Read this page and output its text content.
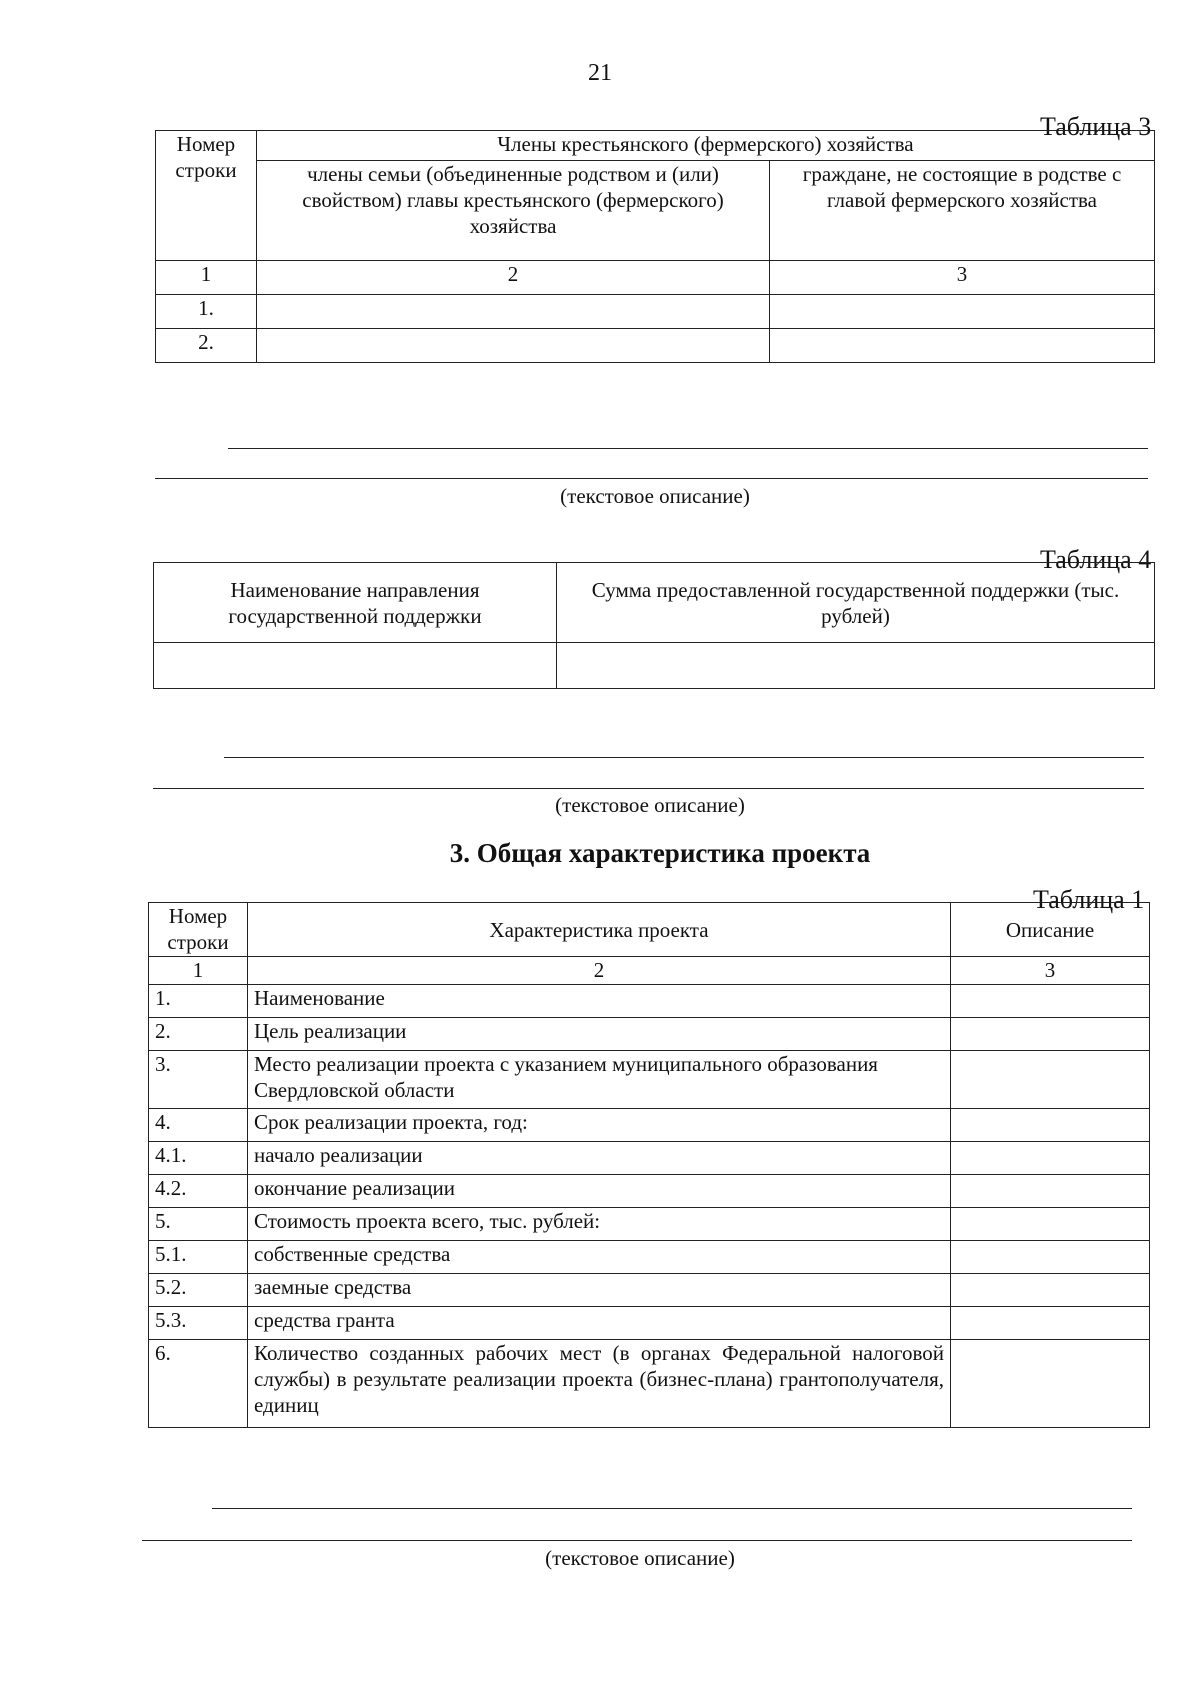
21
Таблица 3
Номер строки	Члены крестьянского (фермерского) хозяйства	
	члены семьи (объединенные родством и (или) свойством) главы крестьянского (фермерского) хозяйства	граждане, не состоящие в родстве с главой фермерского хозяйства
1	2	3
1.		
2.		
(текстовое описание)
Таблица 4
Наименование направления государственной поддержки	Сумма предоставленной государственной поддержки (тыс. рублей)

(текстовое описание)
3. Общая характеристика проекта
Таблица 1
Номер строки	Характеристика проекта	Описание
1	2	3
1.	Наименование	
2.	Цель реализации	
3.	Место реализации проекта с указанием муниципального образования Свердловской области	
4.	Срок реализации проекта, год:	
4.1.	начало реализации	
4.2.	окончание реализации	
5.	Стоимость проекта всего, тыс. рублей:	
5.1.	собственные средства	
5.2.	заемные средства	
5.3.	средства гранта	
6.	Количество созданных рабочих мест (в органах Федеральной налоговой службы) в результате реализации проекта (бизнес-плана) грантополучателя, единиц	
(текстовое описание)
